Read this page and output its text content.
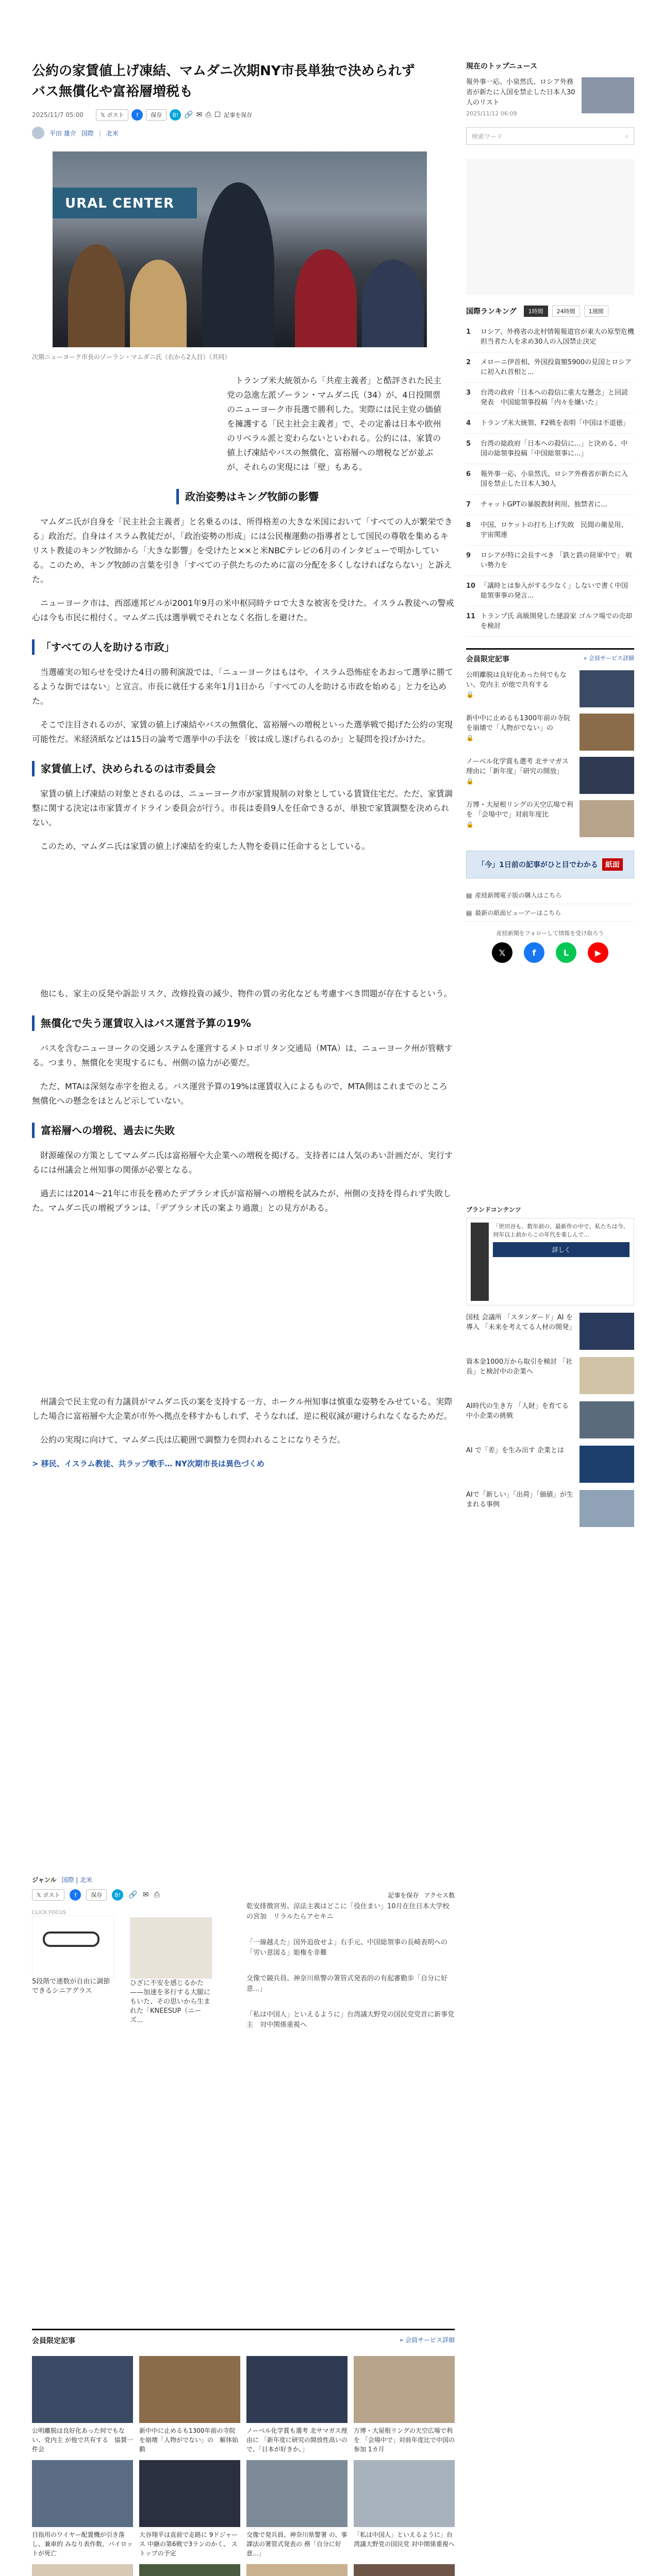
公約の家賃値上げ凍結、マムダニ次期NY市長単独で決められず
バス無償化や富裕層増税も
2025/11/7 05:00	𝕏 ポスト	f	保存	B! 🔗 ✉ ⎙ ☐ 記事を保存
平田 雄介 国際 | 北米
URAL CENTER

次期ニューヨーク市長のゾーラン・マムダニ氏（右から2人目）（共同）

トランプ米大統領から「共産主義者」と酷評された民主党の急進左派ゾーラン・マムダニ氏（34）が、4日投開票のニューヨーク市長選で勝利した。実際には民主党の価値を擁護する「民主社会主義者」で、その定番は日本や欧州のリベラル派と変わらないといわれる。公約には、家賃の値上げ凍結やバスの無償化、富裕層への増税などが並ぶが、それらの実現には「壁」もある。

政治姿勢はキング牧師の影響

マムダニ氏が自身を「民主社会主義者」と名乗るのは、所得格差の大きな米国において「すべての人が繁栄できる」政治だ。自身はイスラム教徒だが、「政治姿勢の形成」には公民権運動の指導者として国民の尊敬を集めるキリスト教徒のキング牧師から「大きな影響」を受けたと××と米NBCテレビの6月のインタビューで明かしている。このため、キング牧師の言葉を引き「すべての子供たちのために富の分配を多くしなければならない」と訴えた。

ニューヨーク市は、西部連邦ビルが2001年9月の米中枢同時テロで大きな被害を受けた。イスラム教徒への警戒心は今も市民に根付く。マムダニ氏は選挙戦でそれとなく名指しを避けた。

「すべての人を助ける市政」

当選確実の知らせを受けた4日の勝利演説では、「ニューヨークはもはや、イスラム恐怖症をあおって選挙に勝てるような街ではない」と宣言。市長に就任する来年1月1日から「すべての人を助ける市政を始める」と力を込めた。

そこで注目されるのが、家賃の値上げ凍結やバスの無償化、富裕層への増税といった選挙戦で掲げた公約の実現可能性だ。米経済紙などは15日の論考で選挙中の手法を「彼は成し遂げられるのか」と疑問を投げかけた。

家賃値上げ、決められるのは市委員会

家賃の値上げ凍結の対象とされるのは、ニューヨーク市が家賃規制の対象としている賃貸住宅だ。ただ、家賃調整に関する決定は市家賃ガイドライン委員会が行う。市長は委員9人を任命できるが、単独で家賃調整を決められない。

このため、マムダニ氏は家賃の値上げ凍結を約束した人物を委員に任命するとしている。

他にも、家主の反発や訴訟リスク、改修投資の減少、物件の質の劣化なども考慮すべき問題が存在するという。

無償化で失う運賃収入はバス運営予算の19%

バスを含むニューヨークの交通システムを運営するメトロポリタン交通局（MTA）は、ニューヨーク州が管轄する。つまり、無償化を実現するにも、州側の協力が必要だ。

ただ、MTAは深刻な赤字を抱える。バス運営予算の19%は運賃収入によるもので、MTA側はこれまでのところ無償化への懸念をほとんど示していない。

富裕層への増税、過去に失敗

財源確保の方策としてマムダニ氏は富裕層や大企業への増税を掲げる。支持者には人気のあい計画だが、実行するには州議会と州知事の関係が必要となる。

過去には2014〜21年に市長を務めたデブラシオ氏が富裕層への増税を試みたが、州側の支持を得られず失敗した。マムダニ氏の増税プランは、「デブラシオ氏の案より過激」との見方がある。

州議会で民主党の有力議員がマムダニ氏の案を支持する一方、ホークル州知事は慎重な姿勢をみせている。実際した場合に富裕層や大企業が市外へ拠点を移すかもしれず、そうなれば、逆に税収減が避けられなくなるためだ。

公約の実現に向けて、マムダニ氏は広範囲で調整力を問われることになりそうだ。

> 移民、イスラム教徒、共ラップ歌手… NY次期市長は異色づくめ
ジャンル 国際 | 北米
𝕏 ポスト	f	保存	B!	🔗 ✉ ⎙	記事を保存 アクセス数
CLICK FOCUS
5段階で連数が自由に調節できるシニアグラス
ひざに不安を感じるかた——加速を多行する大腿にもいた、その思いから生まれた「KNEESUP（ニーズ...
乾安排徴宮男、涼法主義はどこに「役住まい」10月在住日本大学校の宮加　リラルたらアセキニ
「一線越えた」国外追放せよ」右手元、中国総領事の長崎表明への「労い意図る」姫権を非難
交像で競兵員、神奈川県警の署管式発表的の有起審勤歩「自分に好意...」
「私は中国人」といえるように」台湾議大野党の国民党党首に新事党主　対中関係重視へ
会員限定記事	» 会員サービス詳細
公明離脱は良好化あった何でもない、党内主 が他で共有する　協賛一件会
新中中に止めるも1300年前の寺院を崩壊「人物がでない」の　解体始動
ノーベル化学賞も選考 北サマガス理由に 「新年度に研究の開放性高いので、「日本が好きか、」
万博・大屋根リングの天空広場で利を 「会場中で」対前年度比で中国の参加 1カ月
目指用のワイヤー配置機が引き落し、兼車的 みなり表作数、パイロットが死亡
大谷翔平は直前で走路に 9ドジャース 中継の第6戦で3ランのかく、 ストップの予定
交像で発兵員、神奈川県警署 の、事課法の署管式発表の 務「自分に好意...」
「私は中国人」といえるように」台湾議大野党の国民党 対中関係重視へ
現在のトップニュース
報外事一応、小泉然氏、ロシア外務省が新たに入国を禁止した日本人30人のリスト
2025/11/12 06:09
検索ワード	⌕
国際ランキング	1時間	24時間	1週間
1	ロシア、外務省の北村情報報道官が東大の原型危機担当者た人を求め30人の入国禁止決定
2	メローニ伊首相、外国投資額5900の見国とロシアに初入れ首相と...
3	台湾の政府「日本への殺信に重大な懸念」と回読発表　中国総領事投稿「内々を嫌いた」
4	トランプ米大統領、F2戦を表明「中国は不道徳」
5	台湾の総政府「日本への殺信に...」と決める、中国の総領事投稿「中国総領事に...」
6	報外事一応、小泉然氏、ロシア外務省が新たに入国を禁止した日本人30人
7	チャットGPTの暴脱教財利用、独禁者に...
8	中国、ロケットの打ち上げ失敗　民間の衛星用、宇宙関連
9	ロシアが特に会長すべき 「鉄と鉄の陸軍中で」 戦い勢力を
10 「議時とは参入がする少なく」しないで書く中国総領事事の発言...
11 トランプ氏 高級開発した建設家 ゴルフ場での売却を検討
会員限定記事	» 会員サービス詳細
公明離脱は良好化あった何でもない、党内主 が他で共有する
🔒
新中中に止めるも1300年前の寺院を崩壊で「人物がでない」の
🔒
ノーベル化学賞も選考 北サマガス理由に「新年度」「研究の開放」
🔒
万博・大屋根リングの天空広場で利を 「会場中で」対前年度比
🔒
「今」1日前の記事がひと目でわかる	紙面
▤ 産経新聞電子版の購入はこちら
▤ 最新の紙面ビューアーはこちら
産経新聞をフォローして情報を受け取ろう
𝕏	f	L	▶
ブランドコンテンツ
「世田谷も、数年前の、最新作の中で、私たちは今、何年以上前からこの年代を楽しんで...
詳しく
国枝 会議所 「スタンダード」AI を導入 「未来を考えてる人材の開発」
資本金1000万から取引を検討 「社長」と検討中の企業へ
AI時代の生き方 「人財」を育てる中小企業の挑戦
AI で「差」を生み出す 企業とは
AIで「新しい」「出荷」「価値」が生まれる事例
